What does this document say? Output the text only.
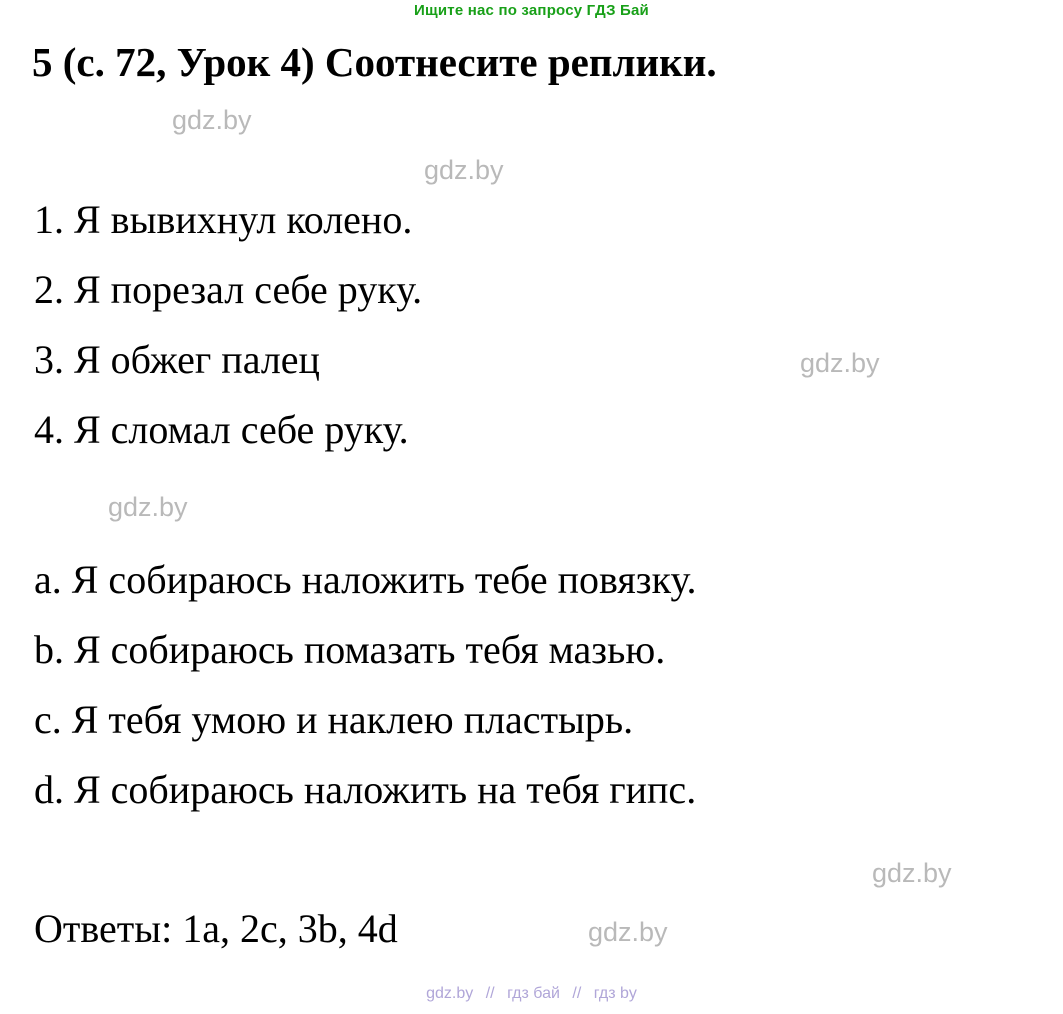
Ищите нас по запросу ГДЗ Бай
5 (c. 72, Урок 4) Соотнесите реплики.
1. Я вывихнул колено.
2. Я порезал себе руку.
3. Я обжег палец
4. Я сломал себе руку.
a. Я собираюсь наложить тебе повязку.
b. Я собираюсь помазать тебя мазью.
c. Я тебя умою и наклею пластырь.
d. Я собираюсь наложить на тебя гипс.
Ответы: 1a, 2c, 3b, 4d
gdz.by
gdz.by
gdz.by
gdz.by
gdz.by
gdz.by
gdz.by // гдз бай // гдз by
